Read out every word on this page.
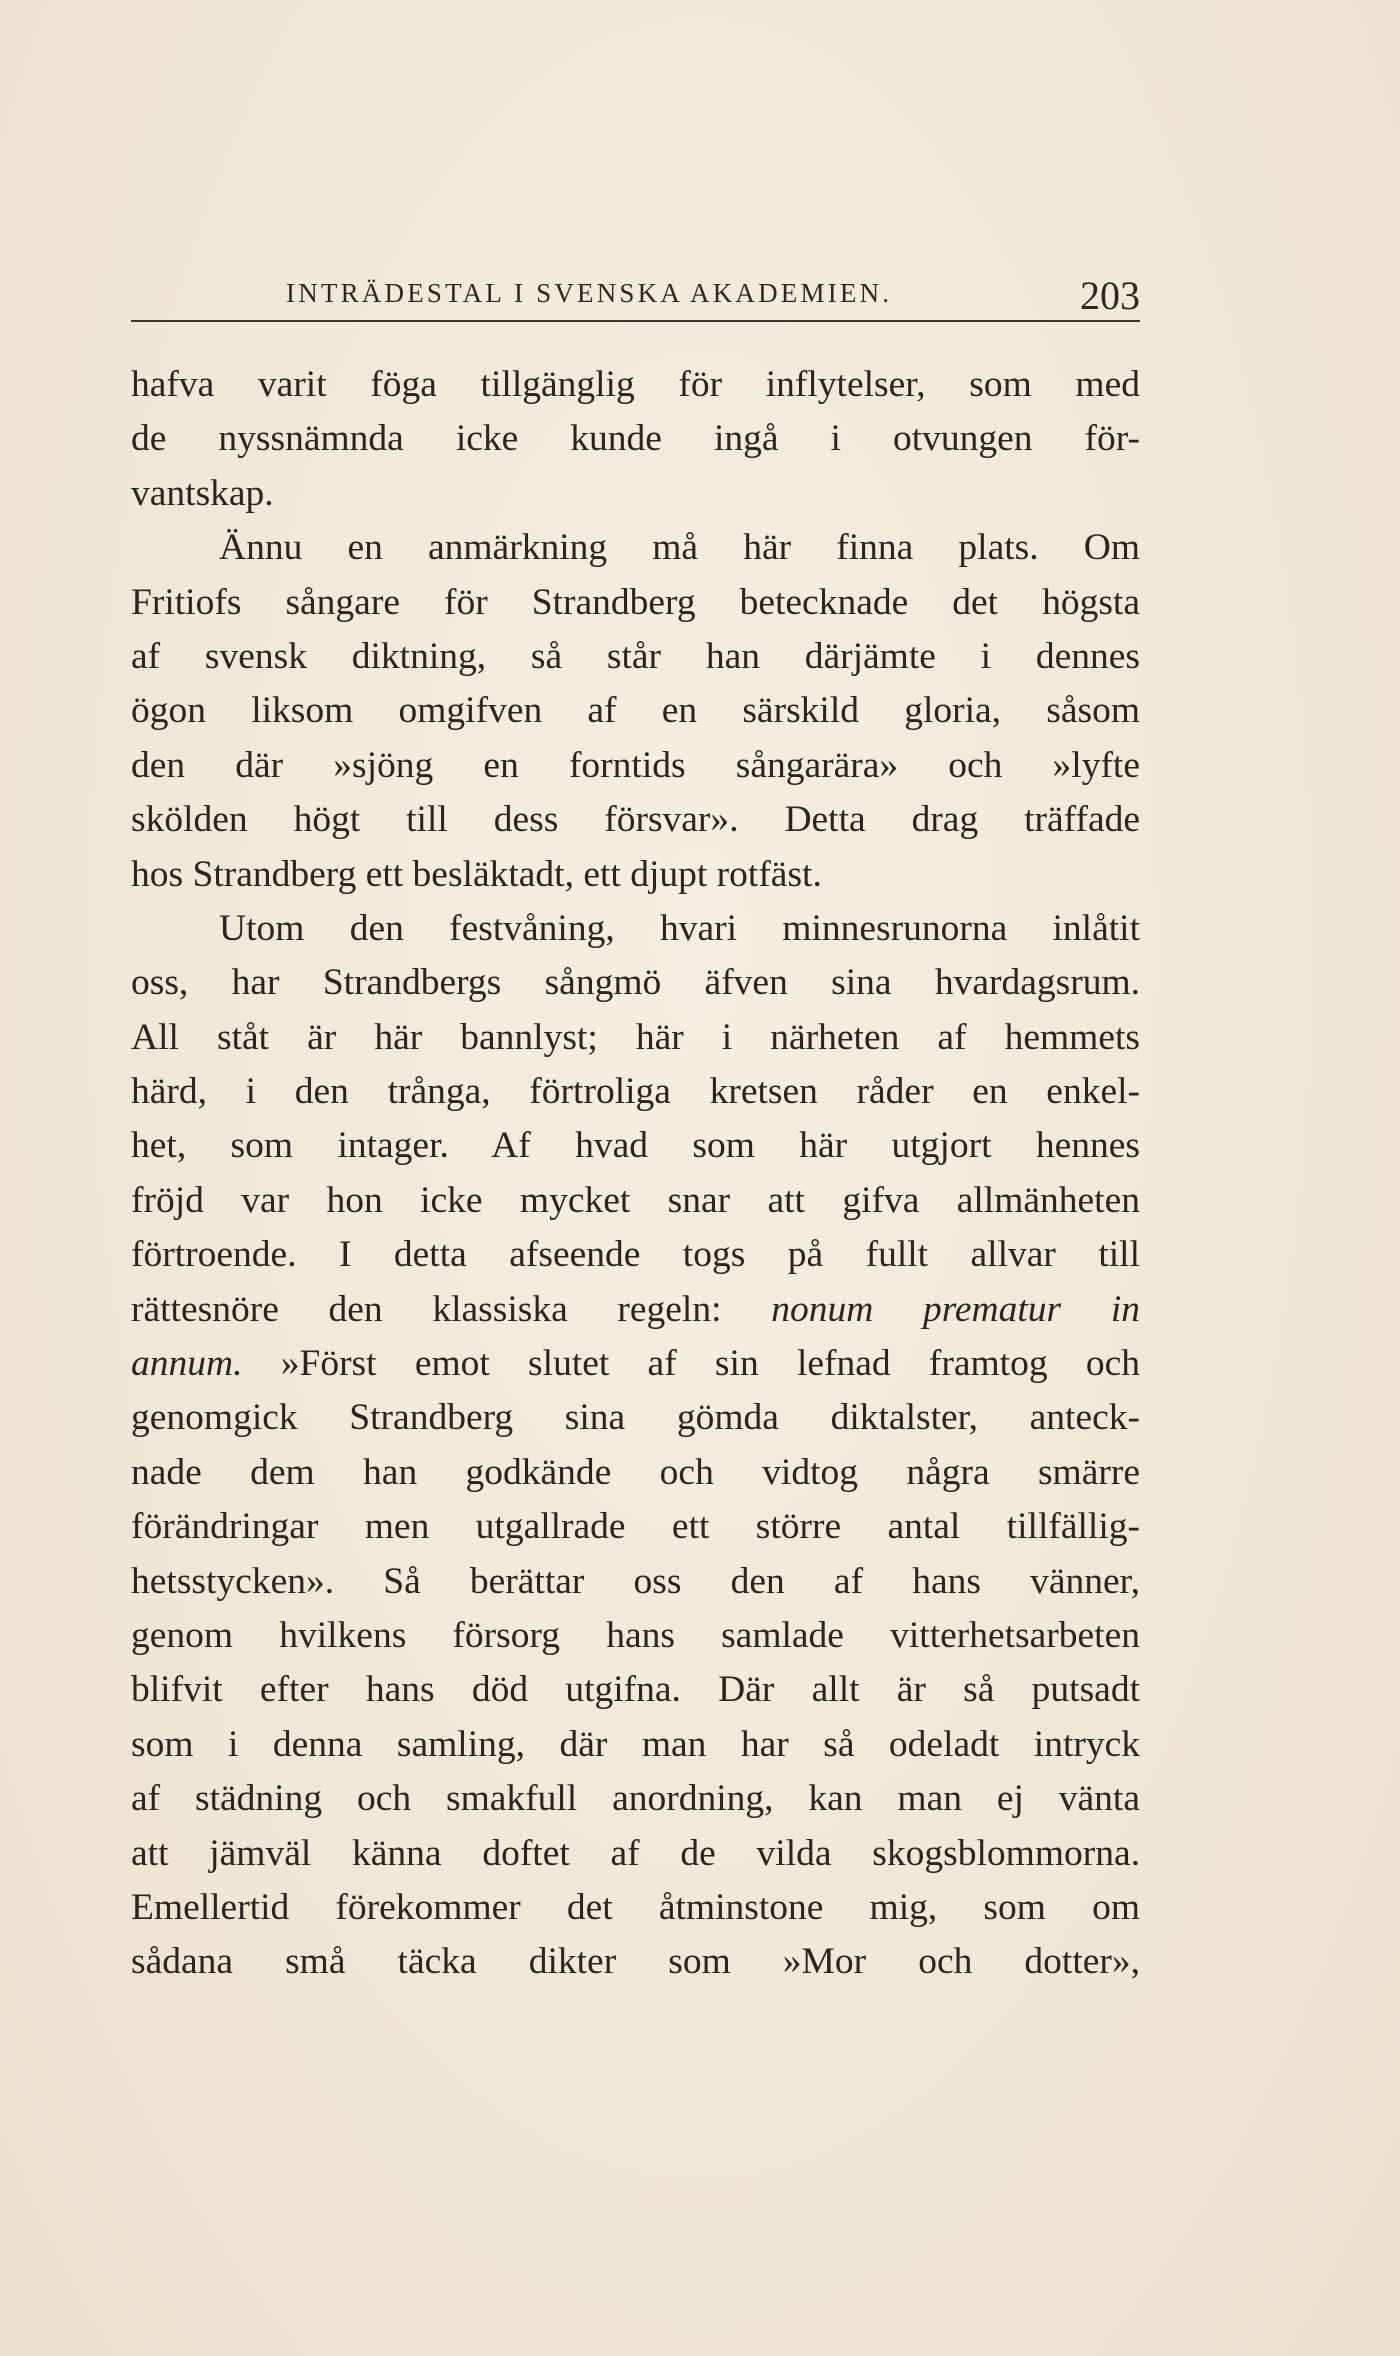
INTRÄDESTAL I SVENSKA AKADEMIEN.	203
hafva varit föga tillgänglig för inflytelser, som med
de nyssnämnda icke kunde ingå i otvungen för-
vantskap.
Ännu en anmärkning må här finna plats. Om
Fritiofs sångare för Strandberg betecknade det högsta
af svensk diktning, så står han därjämte i dennes
ögon liksom omgifven af en särskild gloria, såsom
den där »sjöng en forntids sångarära» och »lyfte
skölden högt till dess försvar». Detta drag träffade
hos Strandberg ett besläktadt, ett djupt rotfäst.
Utom den festvåning, hvari minnesrunorna inlåtit
oss, har Strandbergs sångmö äfven sina hvardagsrum.
All ståt är här bannlyst; här i närheten af hemmets
härd, i den trånga, förtroliga kretsen råder en enkel-
het, som intager. Af hvad som här utgjort hennes
fröjd var hon icke mycket snar att gifva allmänheten
förtroende. I detta afseende togs på fullt allvar till
rättesnöre den klassiska regeln: nonum prematur in
annum. »Först emot slutet af sin lefnad framtog och
genomgick Strandberg sina gömda diktalster, anteck-
nade dem han godkände och vidtog några smärre
förändringar men utgallrade ett större antal tillfällig-
hetsstycken». Så berättar oss den af hans vänner,
genom hvilkens försorg hans samlade vitterhetsarbeten
blifvit efter hans död utgifna. Där allt är så putsadt
som i denna samling, där man har så odeladt intryck
af städning och smakfull anordning, kan man ej vänta
att jämväl känna doftet af de vilda skogsblommorna.
Emellertid förekommer det åtminstone mig, som om
sådana små täcka dikter som »Mor och dotter»,
